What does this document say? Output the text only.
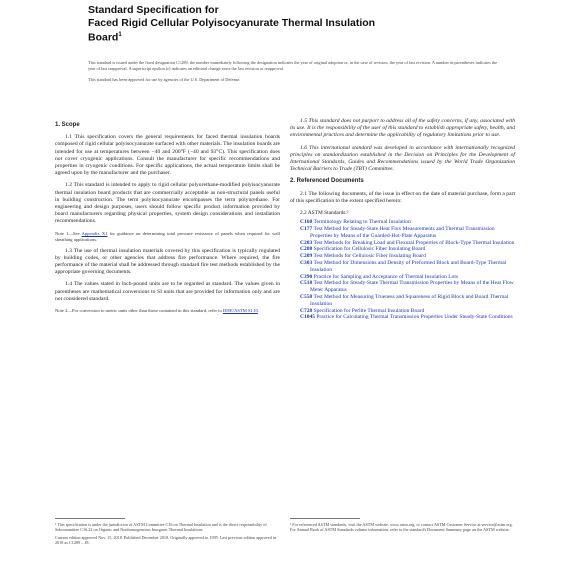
Standard Specification for
Faced Rigid Cellular Polyisocyanurate Thermal Insulation
Board$^1$

This standard is issued under the fixed designation C1289; the number immediately following the designation indicates the year of original adoption or, in the case of revision, the year of last revision. A number in parentheses indicates the year of last reapproval. A superscript epsilon (ε) indicates an editorial change since the last revision or reapproval.

This standard has been approved for use by agencies of the U.S. Department of Defense.

1. Scope

1.1 This specification covers the general requirements for faced thermal insulation boards composed of rigid cellular polyisocyanurate surfaced with other materials. The insulation boards are intended for use at temperatures between −40 and 200°F (−40 and 93°C). This specification does not cover cryogenic applications. Consult the manufacturer for specific recommendations and properties in cryogenic conditions. For specific applications, the actual temperature limits shall be agreed upon by the manufacturer and the purchaser.

1.2 This standard is intended to apply to rigid cellular polyurethane-modified polyisocyanurate thermal insulation board products that are commercially acceptable as non-structural panels useful in building construction. The term polyisocyanurate encompasses the term polyurethane. For engineering and design purposes, users should follow specific product information provided by board manufacturers regarding physical properties, system design considerations and installation recommendations.

Note 1—See Appendix X1 for guidance on determining total pressure resistance of panels when required for wall sheathing applications.

1.3 The use of thermal insulation materials covered by this specification is typically regulated by building codes, or other agencies that address fire performance. Where required, the fire performance of the material shall be addressed through standard fire test methods established by the appropriate governing documents.

1.4 The values stated in inch-pound units are to be regarded as standard. The values given in parentheses are mathematical conversions to SI units that are provided for information only and are not considered standard.

Note 2—For conversion to metric units other than those contained in this standard, refer to IEEE/ASTM SI 10.

1.5 This standard does not purport to address all of the safety concerns, if any, associated with its use. It is the responsibility of the user of this standard to establish appropriate safety, health, and environmental practices and determine the applicability of regulatory limitations prior to use.

1.6 This international standard was developed in accordance with internationally recognized principles on standardization established in the Decision on Principles for the Development of International Standards, Guides and Recommendations issued by the World Trade Organization Technical Barriers to Trade (TBT) Committee.

2. Referenced Documents

2.1 The following documents, of the issue in effect on the date of material purchase, form a part of this specification to the extent specified herein:

2.2 ASTM Standards:²
C168 Terminology Relating to Thermal Insulation
C177 Test Method for Steady-State Heat Flux Measurements and Thermal Transmission Properties by Means of the Guarded-Hot-Plate Apparatus
C203 Test Methods for Breaking Load and Flexural Properties of Block-Type Thermal Insulation
C208 Specification for Cellulosic Fiber Insulating Board
C209 Test Methods for Cellulosic Fiber Insulating Board
C303 Test Method for Dimensions and Density of Preformed Block and Board-Type Thermal Insulation
C390 Practice for Sampling and Acceptance of Thermal Insulation Lots
C518 Test Method for Steady-State Thermal Transmission Properties by Means of the Heat Flow Meter Apparatus
C550 Test Method for Measuring Trueness and Squareness of Rigid Block and Board Thermal Insulation
C728 Specification for Perlite Thermal Insulation Board
C1045 Practice for Calculating Thermal Transmission Properties Under Steady-State Conditions

¹ This specification is under the jurisdiction of ASTM Committee C16 on Thermal Insulation and is the direct responsibility of Subcommittee C16.22 on Organic and Nonhomogeneous Inorganic Thermal Insulations.

Current edition approved Nov. 15, 2018. Published December 2018. Originally approved in 1995. Last previous edition approved in 2018 as C1289 – 18.

² For referenced ASTM standards, visit the ASTM website, www.astm.org, or contact ASTM Customer Service at service@astm.org. For Annual Book of ASTM Standards volume information, refer to the standard's Document Summary page on the ASTM website.
